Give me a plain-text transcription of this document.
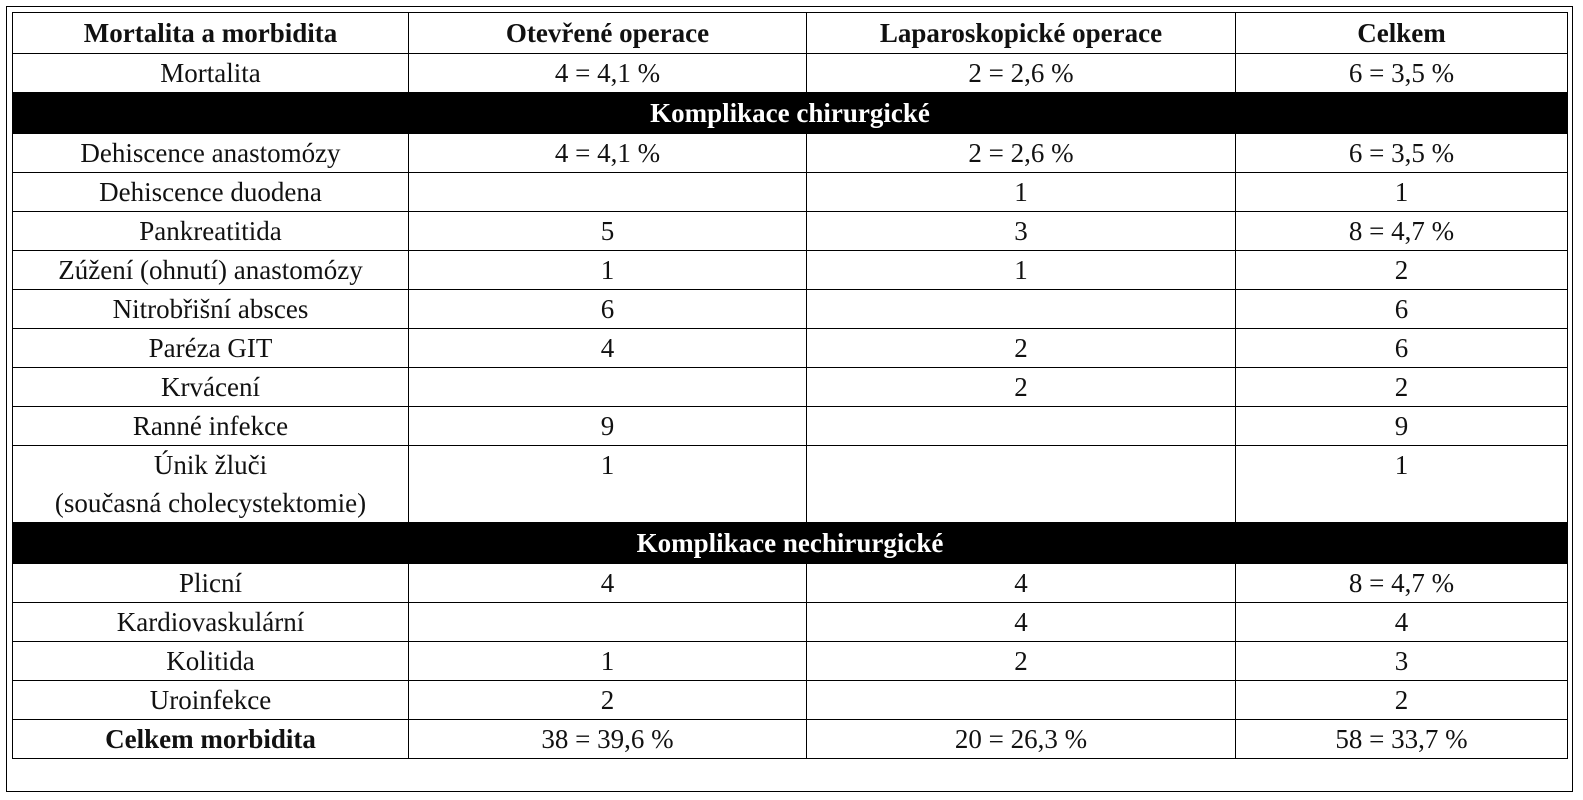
Mortalita a morbidita	Otevřené operace	Laparoskopické operace	Celkem
Mortalita	4 = 4,1 %	2 = 2,6 %	6 = 3,5 %
Komplikace chirurgické			
Dehiscence anastomózy	4 = 4,1 %	2 = 2,6 %	6 = 3,5 %
Dehiscence duodena		1	1
Pankreatitida	5	3	8 = 4,7 %
Zúžení (ohnutí) anastomózy	1	1	2
Nitrobřišní absces	6		6
Paréza GIT	4	2	6
Krvácení		2	2
Ranné infekce	9		9
Únik žluči	1		1
(současná cholecystektomie)			
Komplikace nechirurgické			
Plicní	4	4	8 = 4,7 %
Kardiovaskulární		4	4
Kolitida	1	2	3
Uroinfekce	2		2
Celkem morbidita	38 = 39,6 %	20 = 26,3 %	58 = 33,7 %
